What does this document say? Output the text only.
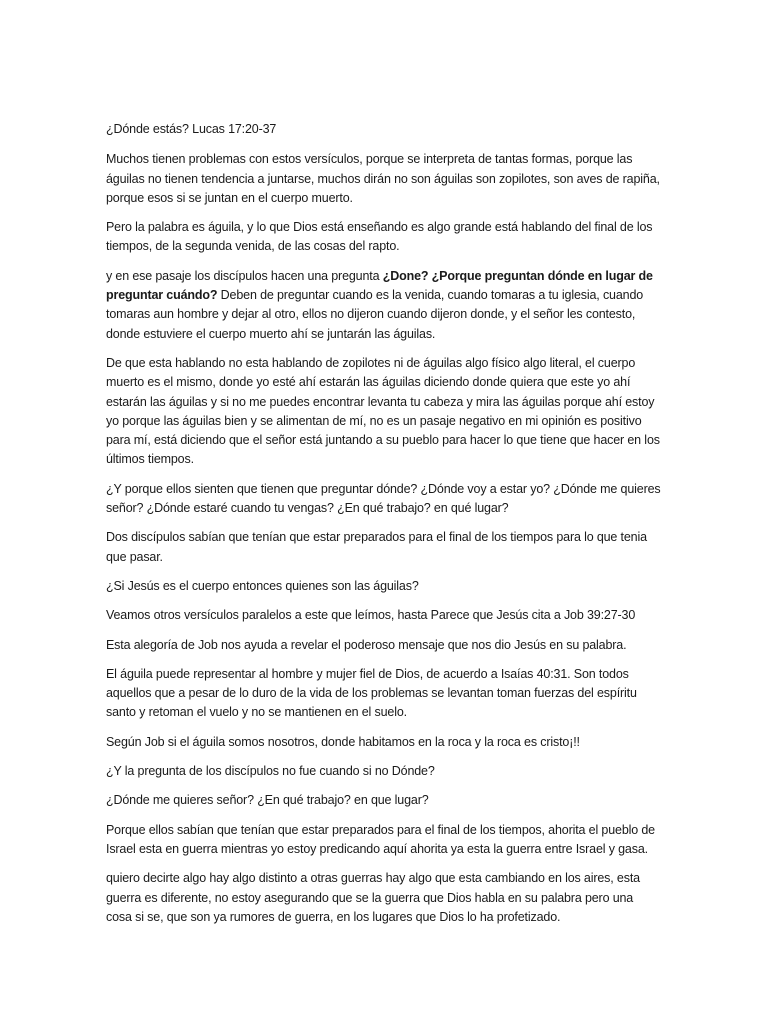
¿Dónde estás? Lucas 17:20-37

Muchos tienen problemas con estos versículos, porque se interpreta de tantas formas, porque las águilas no tienen tendencia a juntarse, muchos dirán no son águilas son zopilotes, son aves de rapiña, porque esos si se juntan en el cuerpo muerto.

Pero la palabra es águila, y lo que Dios está enseñando es algo grande está hablando del final de los tiempos, de la segunda venida, de las cosas del rapto.

y en ese pasaje los discípulos hacen una pregunta ¿Done? ¿Porque preguntan dónde en lugar de preguntar cuándo? Deben de preguntar cuando es la venida, cuando tomaras a tu iglesia, cuando tomaras aun hombre y dejar al otro, ellos no dijeron cuando dijeron donde, y el señor les contesto, donde estuviere el cuerpo muerto ahí se juntarán las águilas.

De que esta hablando no esta hablando de zopilotes ni de águilas algo físico algo literal, el cuerpo muerto es el mismo, donde yo esté ahí estarán las águilas diciendo donde quiera que este yo ahí estarán las águilas y si no me puedes encontrar levanta tu cabeza y mira las águilas porque ahí estoy yo porque las águilas bien y se alimentan de mí, no es un pasaje negativo en mi opinión es positivo para mí, está diciendo que el señor está juntando a su pueblo para hacer lo que tiene que hacer en los últimos tiempos.

¿Y porque ellos sienten que tienen que preguntar dónde? ¿Dónde voy a estar yo? ¿Dónde me quieres señor? ¿Dónde estaré cuando tu vengas? ¿En qué trabajo? en qué lugar?

Dos discípulos sabían que tenían que estar preparados para el final de los tiempos para lo que tenia que pasar.

¿Si Jesús es el cuerpo entonces quienes son las águilas?

Veamos otros versículos paralelos a este que leímos, hasta Parece que Jesús cita a Job 39:27-30

Esta alegoría de Job nos ayuda a revelar el poderoso mensaje que nos dio Jesús en su palabra.

El águila puede representar al hombre y mujer fiel de Dios, de acuerdo a Isaías 40:31. Son todos aquellos que a pesar de lo duro de la vida de los problemas se levantan toman fuerzas del espíritu santo y retoman el vuelo y no se mantienen en el suelo.

Según Job si el águila somos nosotros, donde habitamos en la roca y la roca es cristo¡!!

¿Y la pregunta de los discípulos no fue cuando si no Dónde?

¿Dónde me quieres señor? ¿En qué trabajo? en que lugar?

Porque ellos sabían que tenían que estar preparados para el final de los tiempos, ahorita el pueblo de Israel esta en guerra mientras yo estoy predicando aquí ahorita ya esta la guerra entre Israel y gasa.

quiero decirte algo hay algo distinto a otras guerras hay algo que esta cambiando en los aires, esta guerra es diferente, no estoy asegurando que se la guerra que Dios habla en su palabra pero una cosa si se, que son ya rumores de guerra, en los lugares que Dios lo ha profetizado.
